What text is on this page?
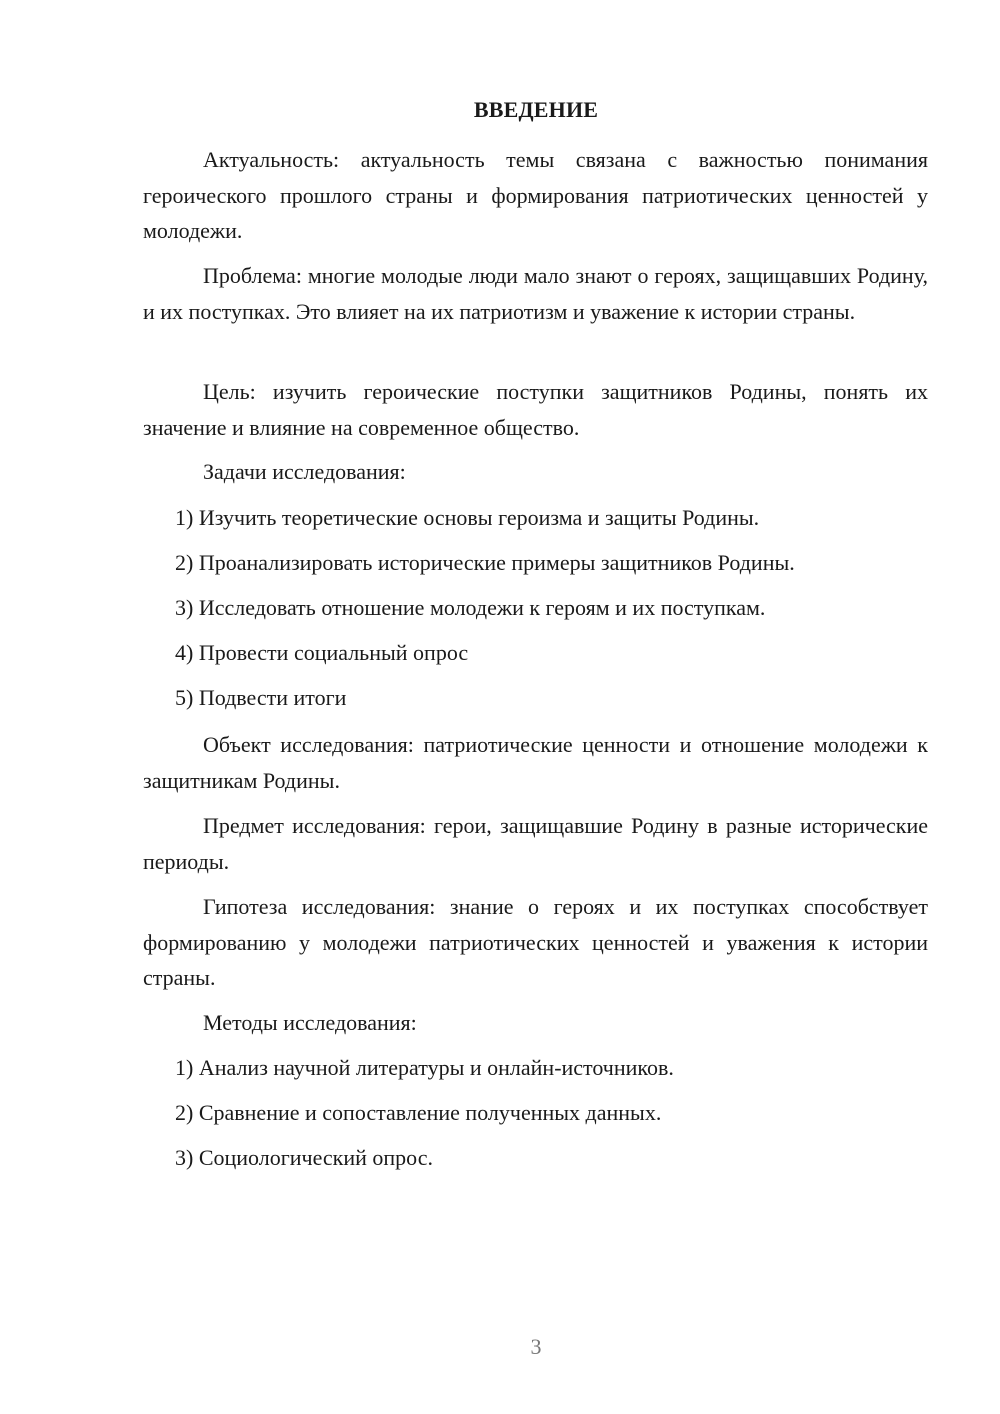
ВВЕДЕНИЕ

Актуальность: актуальность темы связана с важностью понимания героического прошлого страны и формирования патриотических ценностей у молодежи.

Проблема: многие молодые люди мало знают о героях, защищавших Родину, и их поступках. Это влияет на их патриотизм и уважение к истории страны.

Цель: изучить героические поступки защитников Родины, понять их значение и влияние на современное общество.

Задачи исследования:
1) Изучить теоретические основы героизма и защиты Родины.
2) Проанализировать исторические примеры защитников Родины.
3) Исследовать отношение молодежи к героям и их поступкам.
4) Провести социальный опрос
5) Подвести итоги

Объект исследования: патриотические ценности и отношение молодежи к защитникам Родины.

Предмет исследования: герои, защищавшие Родину в разные исторические периоды.

Гипотеза исследования: знание о героях и их поступках способствует формированию у молодежи патриотических ценностей и уважения к истории страны.

Методы исследования:
1) Анализ научной литературы и онлайн-источников.
2) Сравнение и сопоставление полученных данных.
3) Социологический опрос.
3
